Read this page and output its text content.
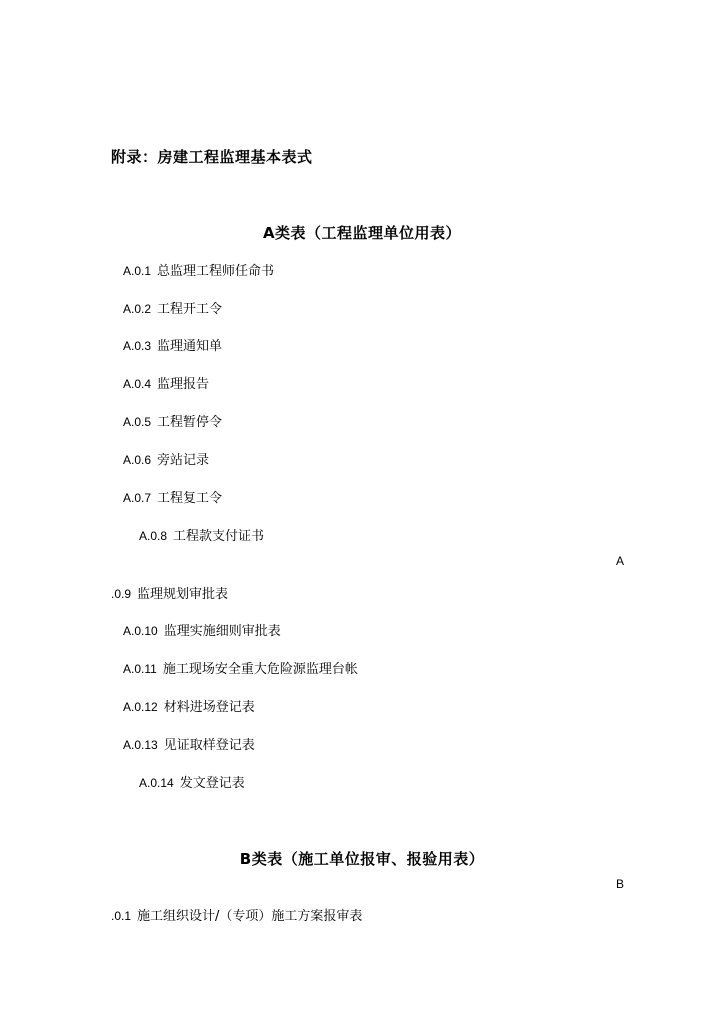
附录：房建工程监理基本表式
A类表（工程监理单位用表）
A.0.1 总监理工程师任命书
A.0.2 工程开工令
A.0.3 监理通知单
A.0.4 监理报告
A.0.5 工程暂停令
A.0.6 旁站记录
A.0.7 工程复工令
A.0.8 工程款支付证书
A
.0.9 监理规划审批表
A.0.10 监理实施细则审批表
A.0.11 施工现场安全重大危险源监理台帐
A.0.12 材料进场登记表
A.0.13 见证取样登记表
A.0.14 发文登记表
B类表（施工单位报审、报验用表）
B
.0.1 施工组织设计/（专项）施工方案报审表
